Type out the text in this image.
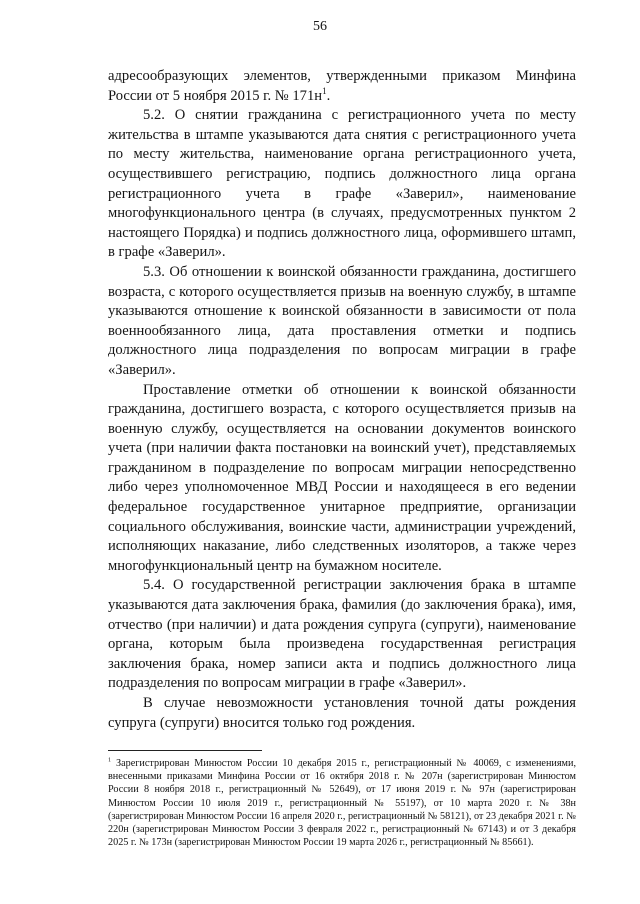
56

адресообразующих элементов, утвержденными приказом Минфина России от 5 ноября 2015 г. № $171н^1$.

5.2. О снятии гражданина с регистрационного учета по месту жительства в штампе указываются дата снятия с регистрационного учета по месту жительства, наименование органа регистрационного учета, осуществившего регистрацию, подпись должностного лица органа регистрационного учета в графе «Заверил», наименование многофункционального центра (в случаях, предусмотренных пунктом 2 настоящего Порядка) и подпись должностного лица, оформившего штамп, в графе «Заверил».

5.3. Об отношении к воинской обязанности гражданина, достигшего возраста, с которого осуществляется призыв на военную службу, в штампе указываются отношение к воинской обязанности в зависимости от пола военнообязанного лица, дата проставления отметки и подпись должностного лица подразделения по вопросам миграции в графе «Заверил».

Проставление отметки об отношении к воинской обязанности гражданина, достигшего возраста, с которого осуществляется призыв на военную службу, осуществляется на основании документов воинского учета (при наличии факта постановки на воинский учет), представляемых гражданином в подразделение по вопросам миграции непосредственно либо через уполномоченное МВД России и находящееся в его ведении федеральное государственное унитарное предприятие, организации социального обслуживания, воинские части, администрации учреждений, исполняющих наказание, либо следственных изоляторов, а также через многофункциональный центр на бумажном носителе.

5.4. О государственной регистрации заключения брака в штампе указываются дата заключения брака, фамилия (до заключения брака), имя, отчество (при наличии) и дата рождения супруга (супруги), наименование органа, которым была произведена государственная регистрация заключения брака, номер записи акта и подпись должностного лица подразделения по вопросам миграции в графе «Заверил».

В случае невозможности установления точной даты рождения супруга (супруги) вносится только год рождения.

$^1$ Зарегистрирован Минюстом России 10 декабря 2015 г., регистрационный № 40069, с изменениями, внесенными приказами Минфина России от 16 октября 2018 г. № 207н (зарегистрирован Минюстом России 8 ноября 2018 г., регистрационный № 52649), от 17 июня 2019 г. № 97н (зарегистрирован Минюстом России 10 июля 2019 г., регистрационный № 55197), от 10 марта 2020 г. № 38н (зарегистрирован Минюстом России 16 апреля 2020 г., регистрационный № 58121), от 23 декабря 2021 г. № 220н (зарегистрирован Минюстом России 3 февраля 2022 г., регистрационный № 67143) и от 3 декабря 2025 г. № 173н (зарегистрирован Минюстом России 19 марта 2026 г., регистрационный № 85661).
